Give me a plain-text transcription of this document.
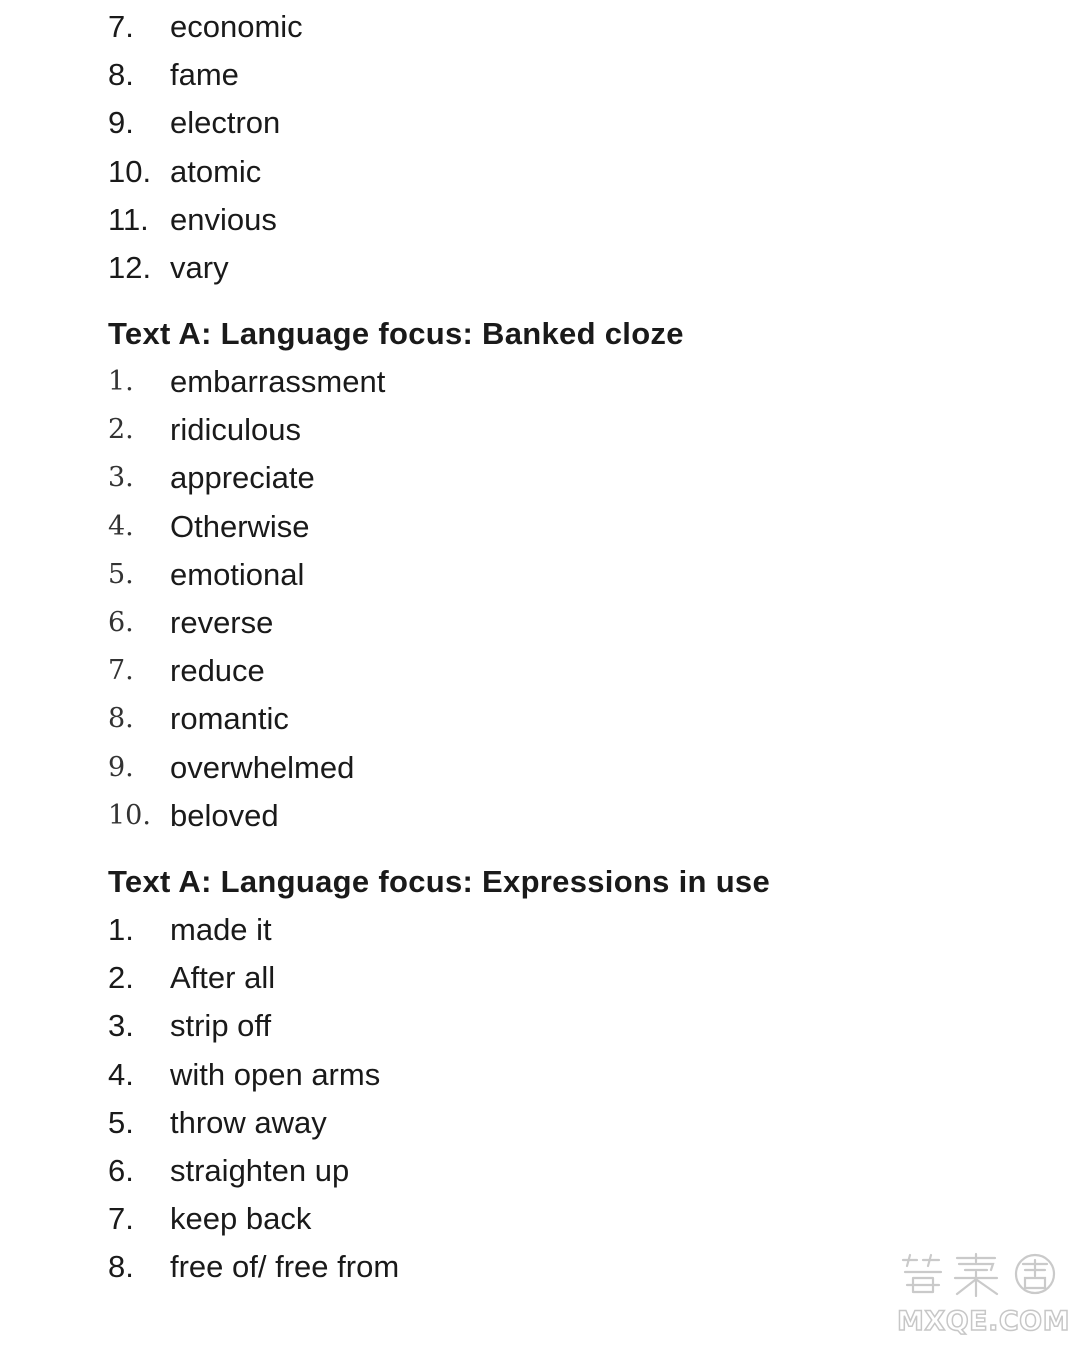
7.	economic
8.	fame
9.	electron
10. atomic
11. envious
12. vary
Text A: Language focus: Banked cloze
1.	embarrassment
2.	ridiculous
3.	appreciate
4.	Otherwise
5.	emotional
6.	reverse
7.	reduce
8.	romantic
9.	overwhelmed
10. beloved
Text A: Language focus: Expressions in use
1.	made it
2.	After all
3.	strip off
4.	with open arms
5.	throw away
6.	straighten up
7.	keep back
8.	free of/ free from
MXQE.COM
